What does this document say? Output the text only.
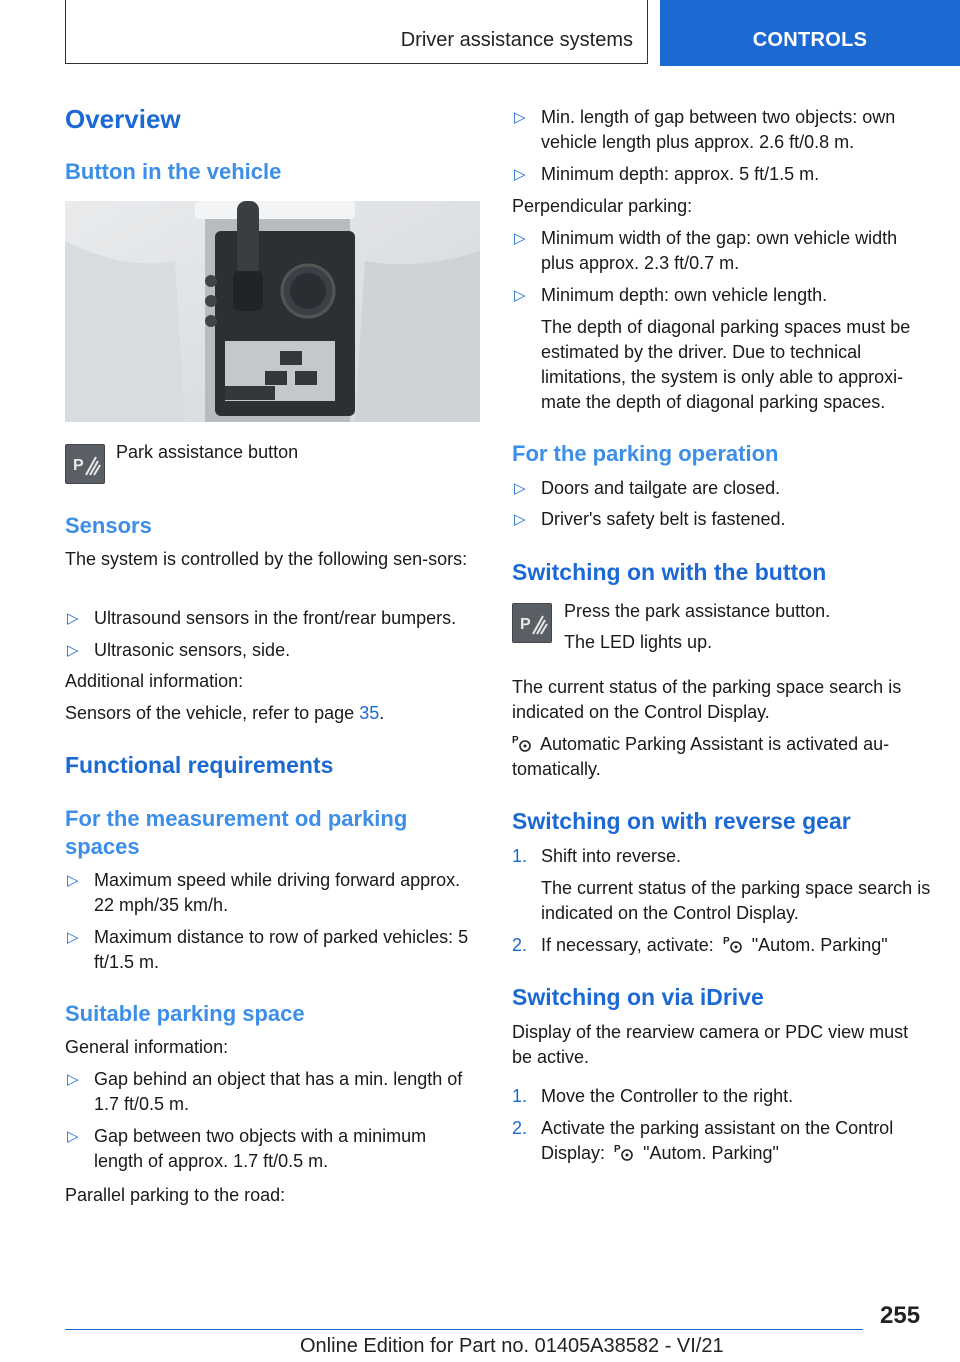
Driver assistance systems	CONTROLS
Overview
Button in the vehicle
P
Park assistance button
Sensors
The system is controlled by the following sen-sors:
▷ Ultrasound sensors in the front/rear bumpers.
▷ Ultrasonic sensors, side.
Additional information:
Sensors of the vehicle, refer to page 35.
Functional requirements
For the measurement od parking spaces
▷ Maximum speed while driving forward approx. 22 mph/35 km/h.
▷ Maximum distance to row of parked vehicles: 5 ft/1.5 m.
Suitable parking space
General information:
▷ Gap behind an object that has a min. length of 1.7 ft/0.5 m.
▷ Gap between two objects with a minimum length of approx. 1.7 ft/0.5 m.
Parallel parking to the road:
▷ Min. length of gap between two objects: own vehicle length plus approx. 2.6 ft/0.8 m.
▷ Minimum depth: approx. 5 ft/1.5 m.
Perpendicular parking:
▷ Minimum width of the gap: own vehicle width plus approx. 2.3 ft/0.7 m.
▷ Minimum depth: own vehicle length.
The depth of diagonal parking spaces must be estimated by the driver. Due to technical limitations, the system is only able to approxi-mate the depth of diagonal parking spaces.
For the parking operation
▷ Doors and tailgate are closed.
▷ Driver's safety belt is fastened.
Switching on with the button
P
Press the park assistance button.
The LED lights up.
The current status of the parking space search is indicated on the Control Display.
P Automatic Parking Assistant is activated au-tomatically.
Switching on with reverse gear
1. Shift into reverse.
The current status of the parking space search is indicated on the Control Display.
2. If necessary, activate: P "Autom. Parking"
Switching on via iDrive
Display of the rearview camera or PDC view must be active.
1. Move the Controller to the right.
2. Activate the parking assistant on the Control Display: P "Autom. Parking"
255
Online Edition for Part no. 01405A38582 - VI/21
